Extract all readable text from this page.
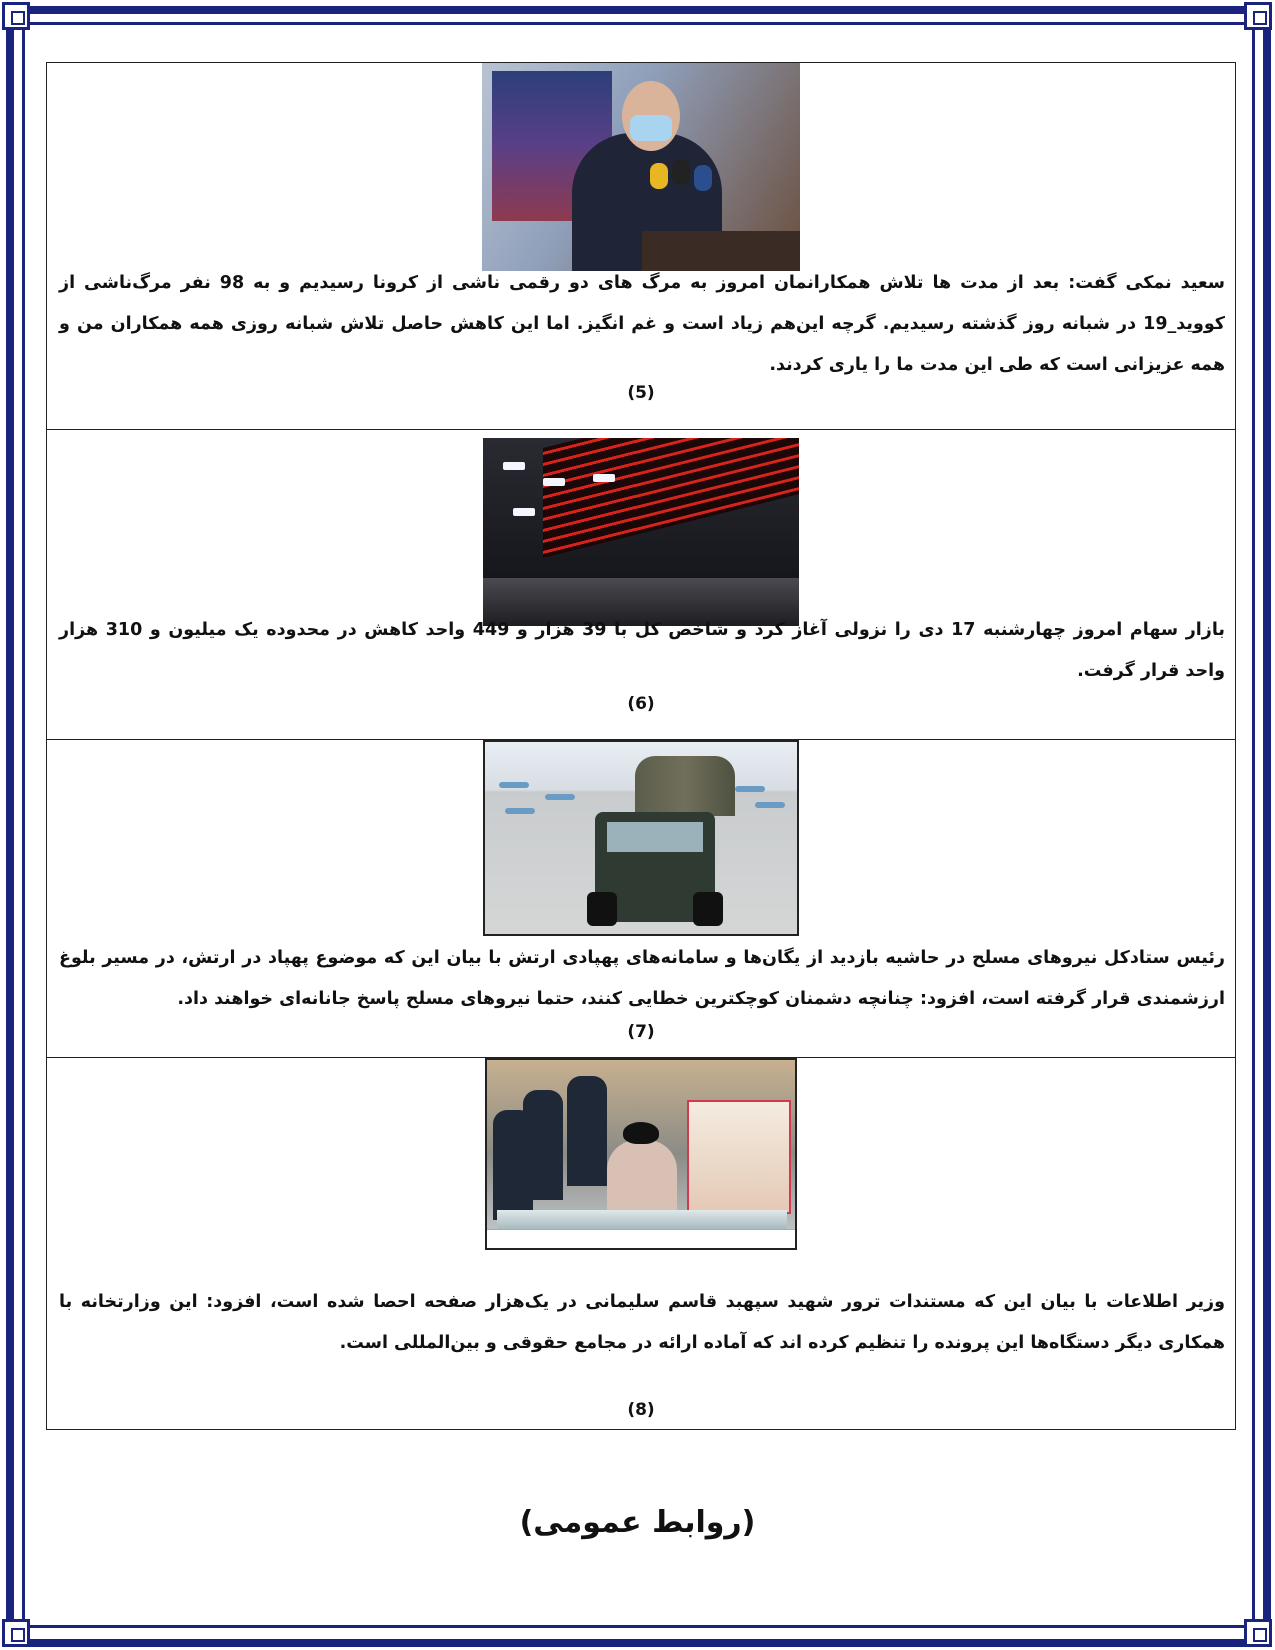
سعید نمکی گفت: بعد از مدت ها تلاش همکارانمان امروز به مرگ های دو رقمی ناشی از کرونا رسیدیم و به 98 نفر مرگ‌ناشی از کووید_19 در شبانه روز گذشته رسیدیم. گرچه این‌هم زیاد است و غم انگیز. اما این کاهش حاصل تلاش شبانه روزی همه همکاران من و همه عزیزانی است که طی این مدت ما را یاری کردند.
(5)
بازار سهام امروز چهارشنبه 17 دی را نزولی آغاز کرد و شاخص کل با 39 هزار و 449 واحد کاهش در محدوده یک میلیون و 310 هزار واحد قرار گرفت.
(6)
رئیس ستادکل نیروهای مسلح در حاشیه بازدید از یگان‌ها و سامانه‌های پهپادی ارتش با بیان این که موضوع پهپاد در ارتش، در مسیر بلوغ ارزشمندی قرار گرفته است، افزود: چنانچه دشمنان کوچکترین خطایی کنند، حتما نیروهای مسلح پاسخ جانانه‌ای خواهند داد.
(7)
وزیر اطلاعات با بیان این که مستندات ترور شهید سپهبد قاسم سلیمانی در یک‌هزار صفحه احصا شده است، افزود: این وزارتخانه با همکاری دیگر دستگاه‌ها این پرونده را تنظیم کرده اند که آماده ارائه در مجامع حقوقی و بین‌المللی است.
(8)
(روابط عمومی)
